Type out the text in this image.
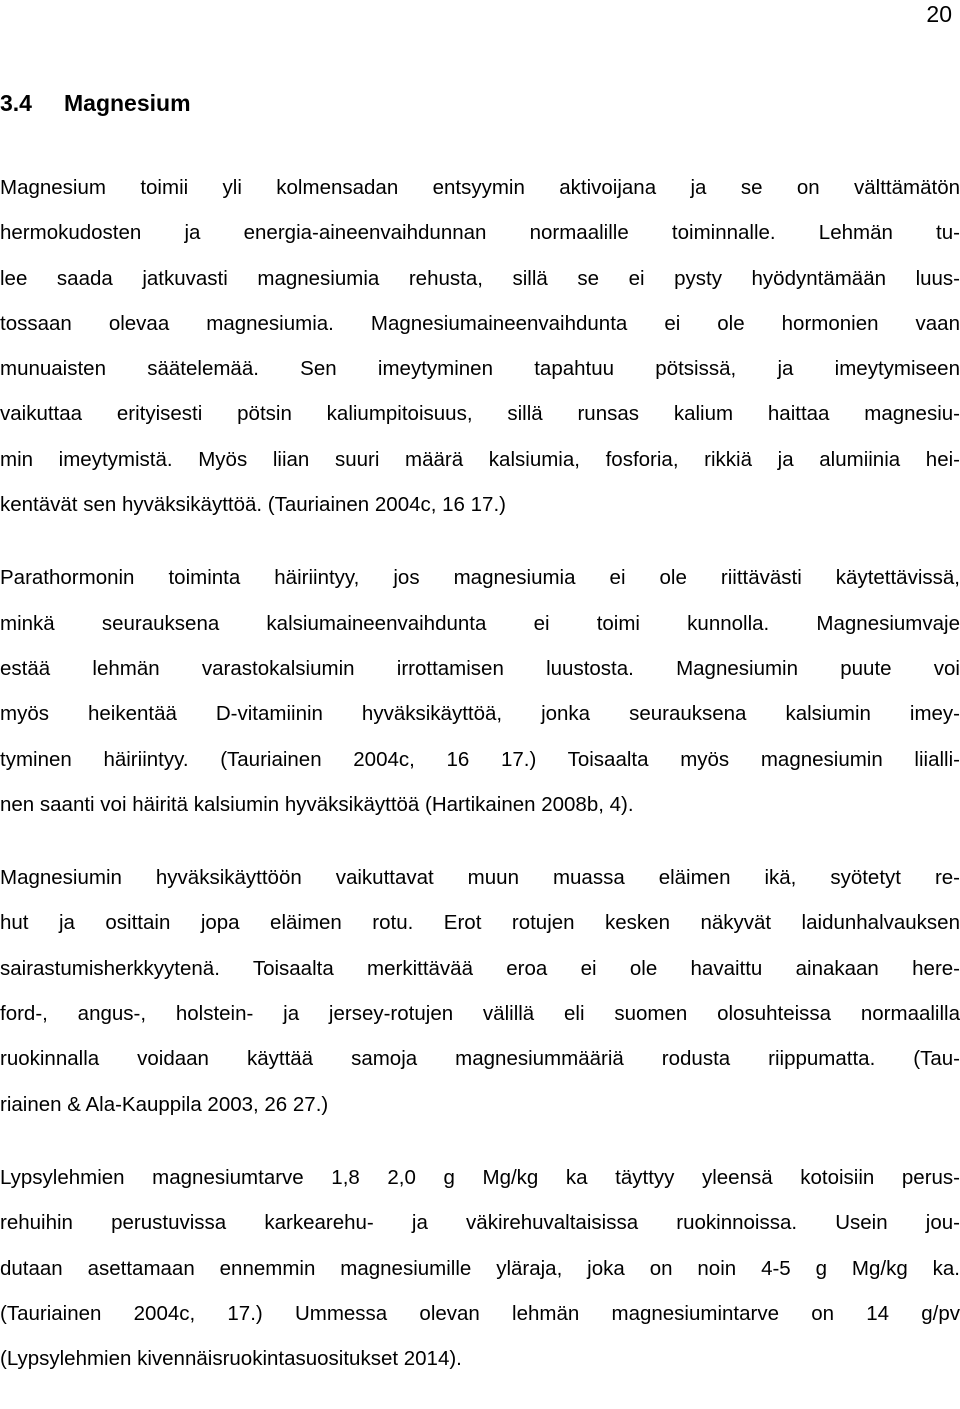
20
3.4 Magnesium

Magnesium toimii yli kolmensadan entsyymin aktivoijana ja se on välttämätön
hermokudosten ja energia-aineenvaihdunnan normaalille toiminnalle. Lehmän tu-
lee saada jatkuvasti magnesiumia rehusta, sillä se ei pysty hyödyntämään luus-
tossaan olevaa magnesiumia. Magnesiumaineenvaihdunta ei ole hormonien vaan
munuaisten säätelemää. Sen imeytyminen tapahtuu pötsissä, ja imeytymiseen
vaikuttaa erityisesti pötsin kaliumpitoisuus, sillä runsas kalium haittaa magnesiu-
min imeytymistä. Myös liian suuri määrä kalsiumia, fosforia, rikkiä ja alumiinia hei-
kentävät sen hyväksikäyttöä. (Tauriainen 2004c, 16 17.)

Parathormonin toiminta häiriintyy, jos magnesiumia ei ole riittävästi käytettävissä,
minkä seurauksena kalsiumaineenvaihdunta ei toimi kunnolla. Magnesiumvaje
estää lehmän varastokalsiumin irrottamisen luustosta. Magnesiumin puute voi
myös heikentää D-vitamiinin hyväksikäyttöä, jonka seurauksena kalsiumin imey-
tyminen häiriintyy. (Tauriainen 2004c, 16 17.) Toisaalta myös magnesiumin liialli-
nen saanti voi häiritä kalsiumin hyväksikäyttöä (Hartikainen 2008b, 4).

Magnesiumin hyväksikäyttöön vaikuttavat muun muassa eläimen ikä, syötetyt re-
hut ja osittain jopa eläimen rotu. Erot rotujen kesken näkyvät laidunhalvauksen
sairastumisherkkyytenä. Toisaalta merkittävää eroa ei ole havaittu ainakaan here-
ford-, angus-, holstein- ja jersey-rotujen välillä eli suomen olosuhteissa normaalilla
ruokinnalla voidaan käyttää samoja magnesiummääriä rodusta riippumatta. (Tau-
riainen & Ala-Kauppila 2003, 26 27.)

Lypsylehmien magnesiumtarve 1,8 2,0 g Mg/kg ka täyttyy yleensä kotoisiin perus-
rehuihin perustuvissa karkearehu- ja väkirehuvaltaisissa ruokinnoissa. Usein jou-
dutaan asettamaan ennemmin magnesiumille yläraja, joka on noin 4-5 g Mg/kg ka.
(Tauriainen 2004c, 17.) Ummessa olevan lehmän magnesiumintarve on 14 g/pv
(Lypsylehmien kivennäisruokintasuositukset 2014).
